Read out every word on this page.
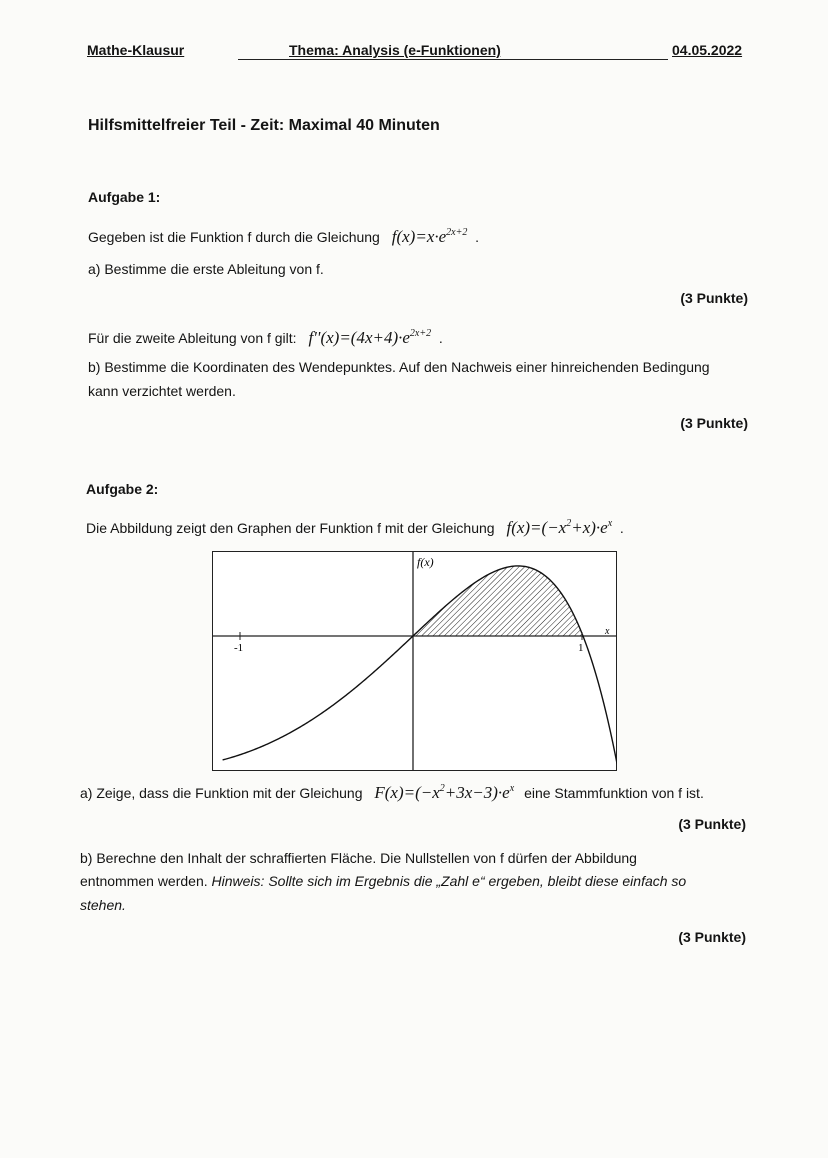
Mathe-Klausur	Thema: Analysis (e-Funktionen)	04.05.2022
Hilfsmittelfreier Teil - Zeit: Maximal 40 Minuten
Aufgabe 1:
Gegeben ist die Funktion f durch die Gleichung $f(x)=x\cdot e^{2x+2}$  .
a) Bestimme die erste Ableitung von f.
(3 Punkte)
Für die zweite Ableitung von f gilt: $f''(x)=(4x+4)\cdot e^{2x+2}$  .
b) Bestimme die Koordinaten des Wendepunktes. Auf den Nachweis einer hinreichenden Bedingung
kann verzichtet werden.
(3 Punkte)
Aufgabe 2:
Die Abbildung zeigt den Graphen der Funktion f mit der Gleichung $f(x)=(-x^2+x)\cdot e^x$  .
f(x)
x
-1	1
a) Zeige, dass die Funktion mit der Gleichung $F(x)=(-x^2+3x-3)\cdot e^x$ eine Stammfunktion von f ist.
(3 Punkte)
b) Berechne den Inhalt der schraffierten Fläche. Die Nullstellen von f dürfen der Abbildung
entnommen werden. Hinweis: Sollte sich im Ergebnis die „Zahl e“ ergeben, bleibt diese einfach so
stehen.
(3 Punkte)
